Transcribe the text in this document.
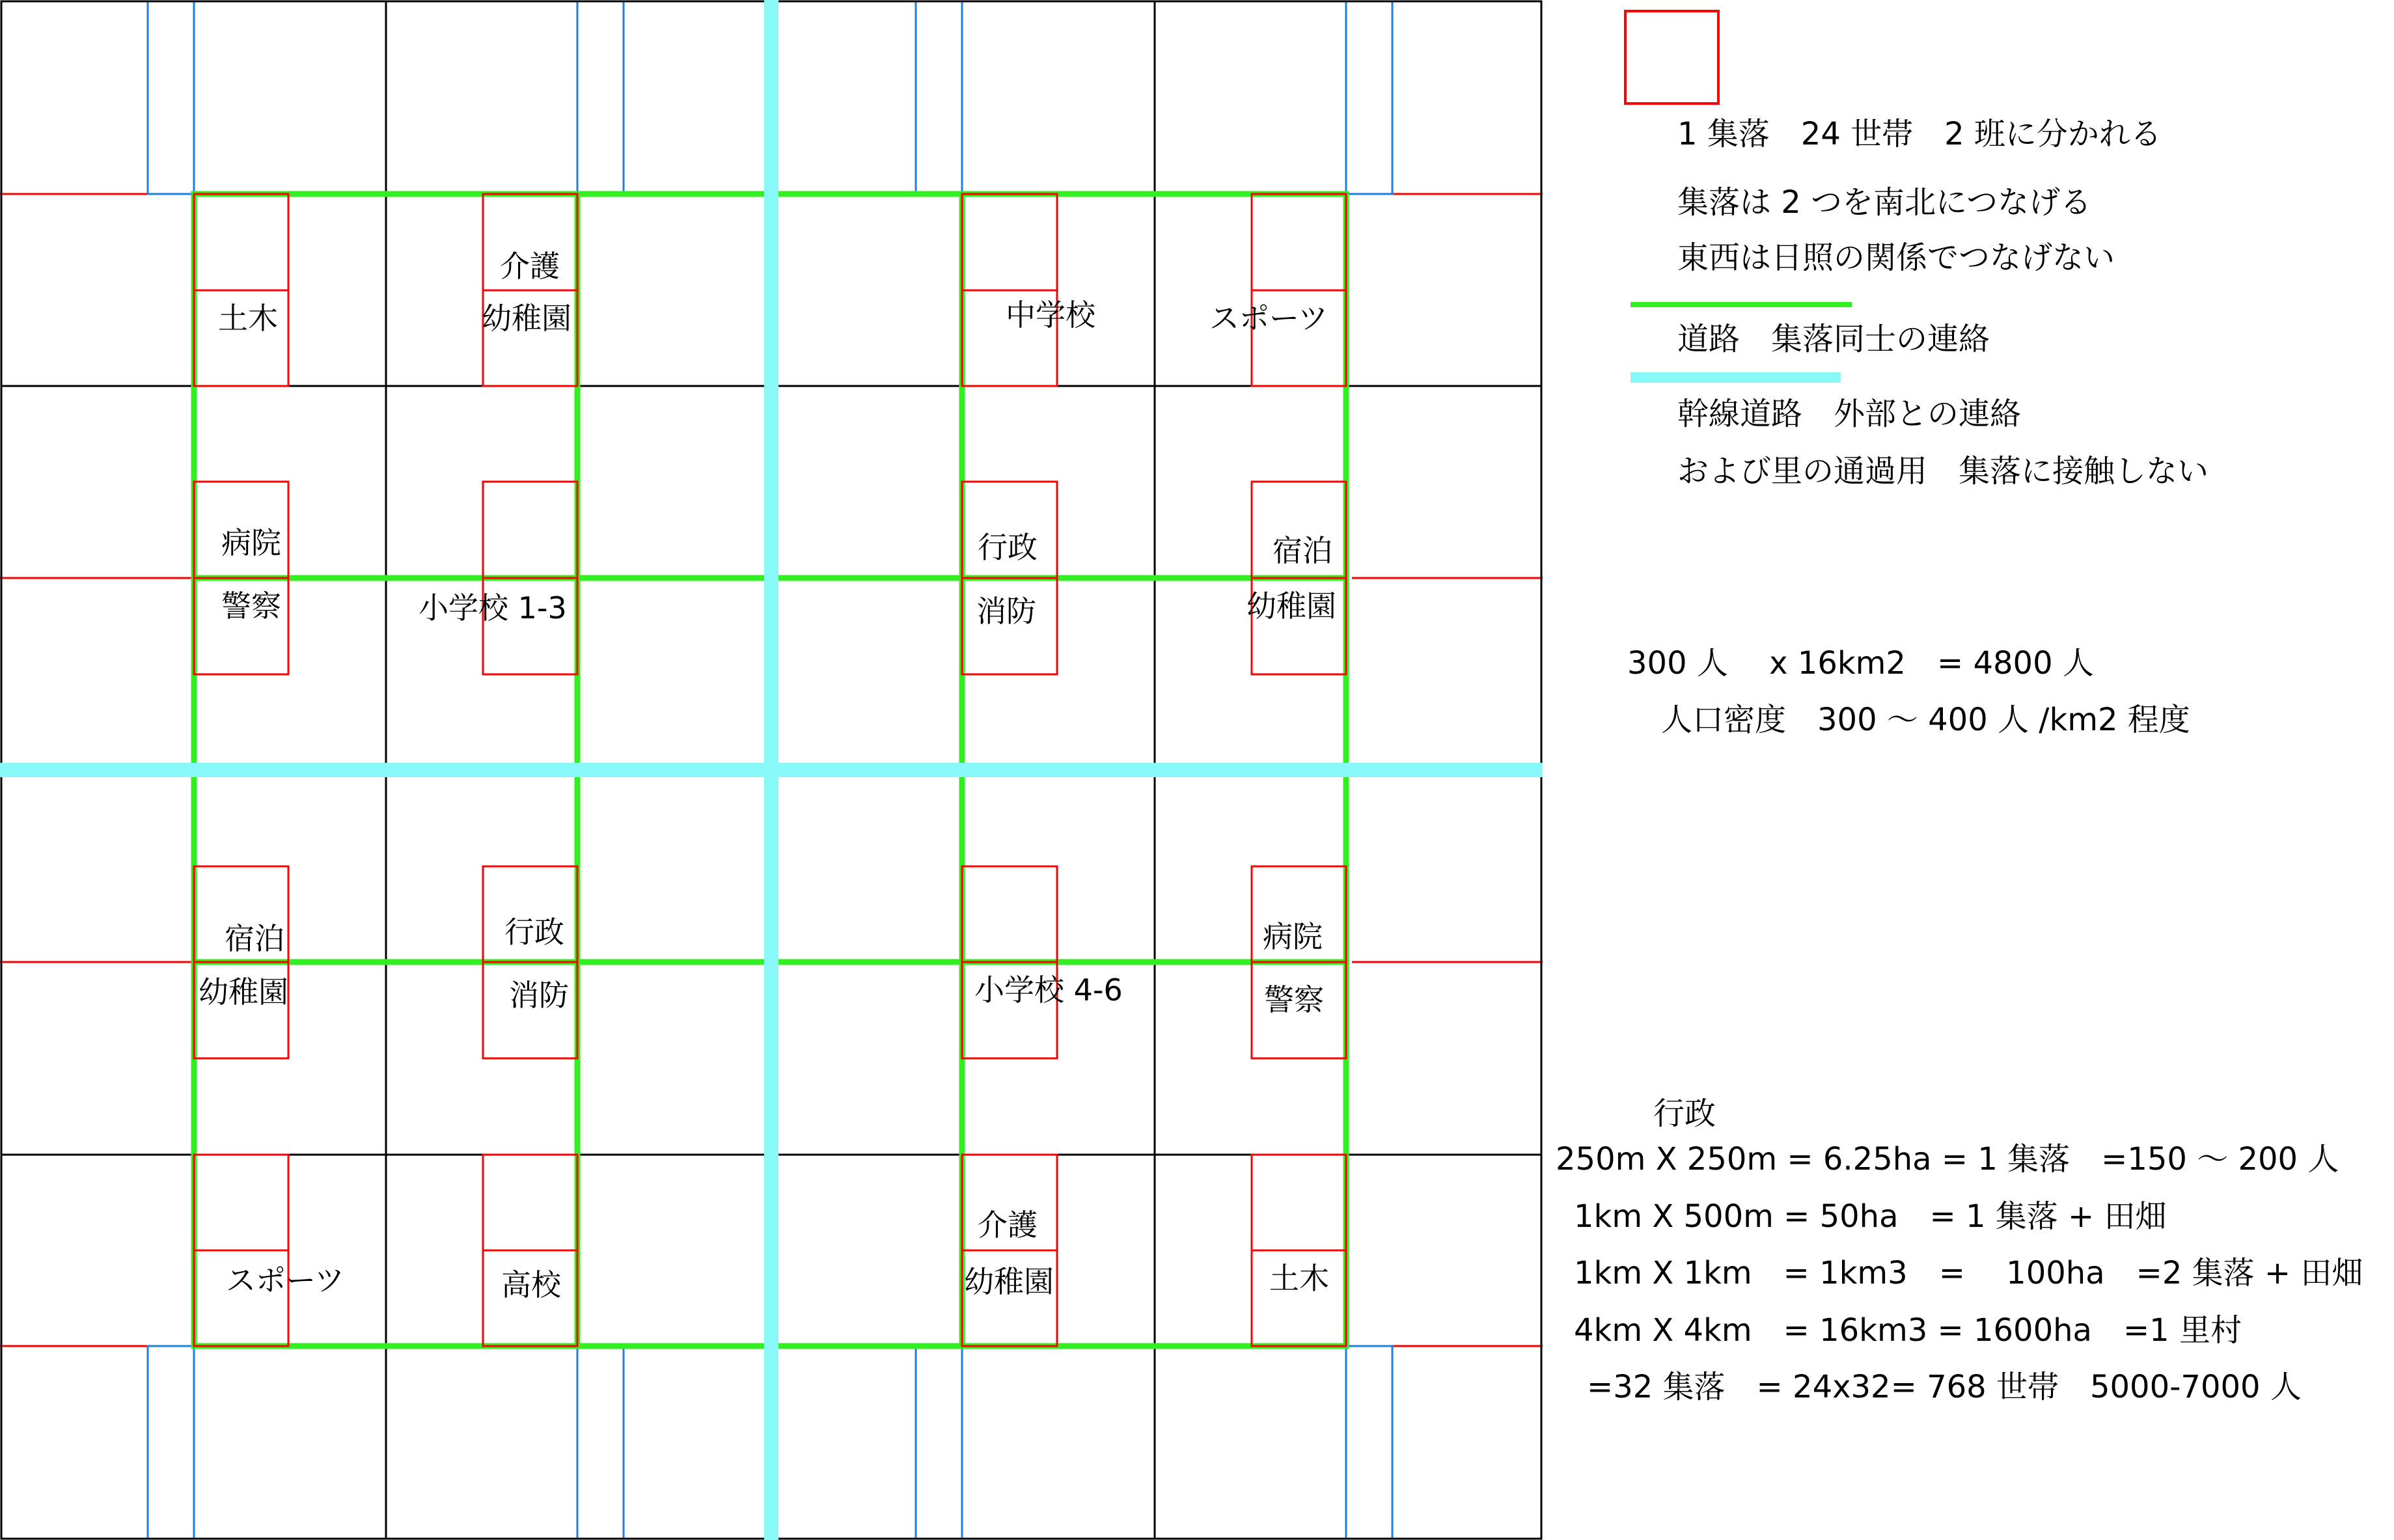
土木
介護
幼稚園	中学校	スポーツ
病院
警察	小学校 1-3
行政
消防
宿泊
幼稚園
宿泊
幼稚園
行政
消防	小学校 4-6
病院
警察
スポーツ	高校
介護
幼稚園	土木
1 集落　24 世帯　2 班に分かれる
集落は 2 つを南北につなげる
東西は日照の関係でつなげない
道路　集落同士の連絡
幹線道路　外部との連絡
および里の通過用　集落に接触しない
300 人　 x 16km2　= 4800 人
人口密度　300 〜 400 人 /km2 程度
行政
250m X 250m = 6.25ha = 1 集落　=150 〜 200 人
1km X 500m = 50ha　= 1 集落 + 田畑
1km X 1km　= 1km3　=　 100ha　=2 集落 + 田畑
4km X 4km　= 16km3 = 1600ha　=1 里村
=32 集落　= 24x32= 768 世帯　5000-7000 人
